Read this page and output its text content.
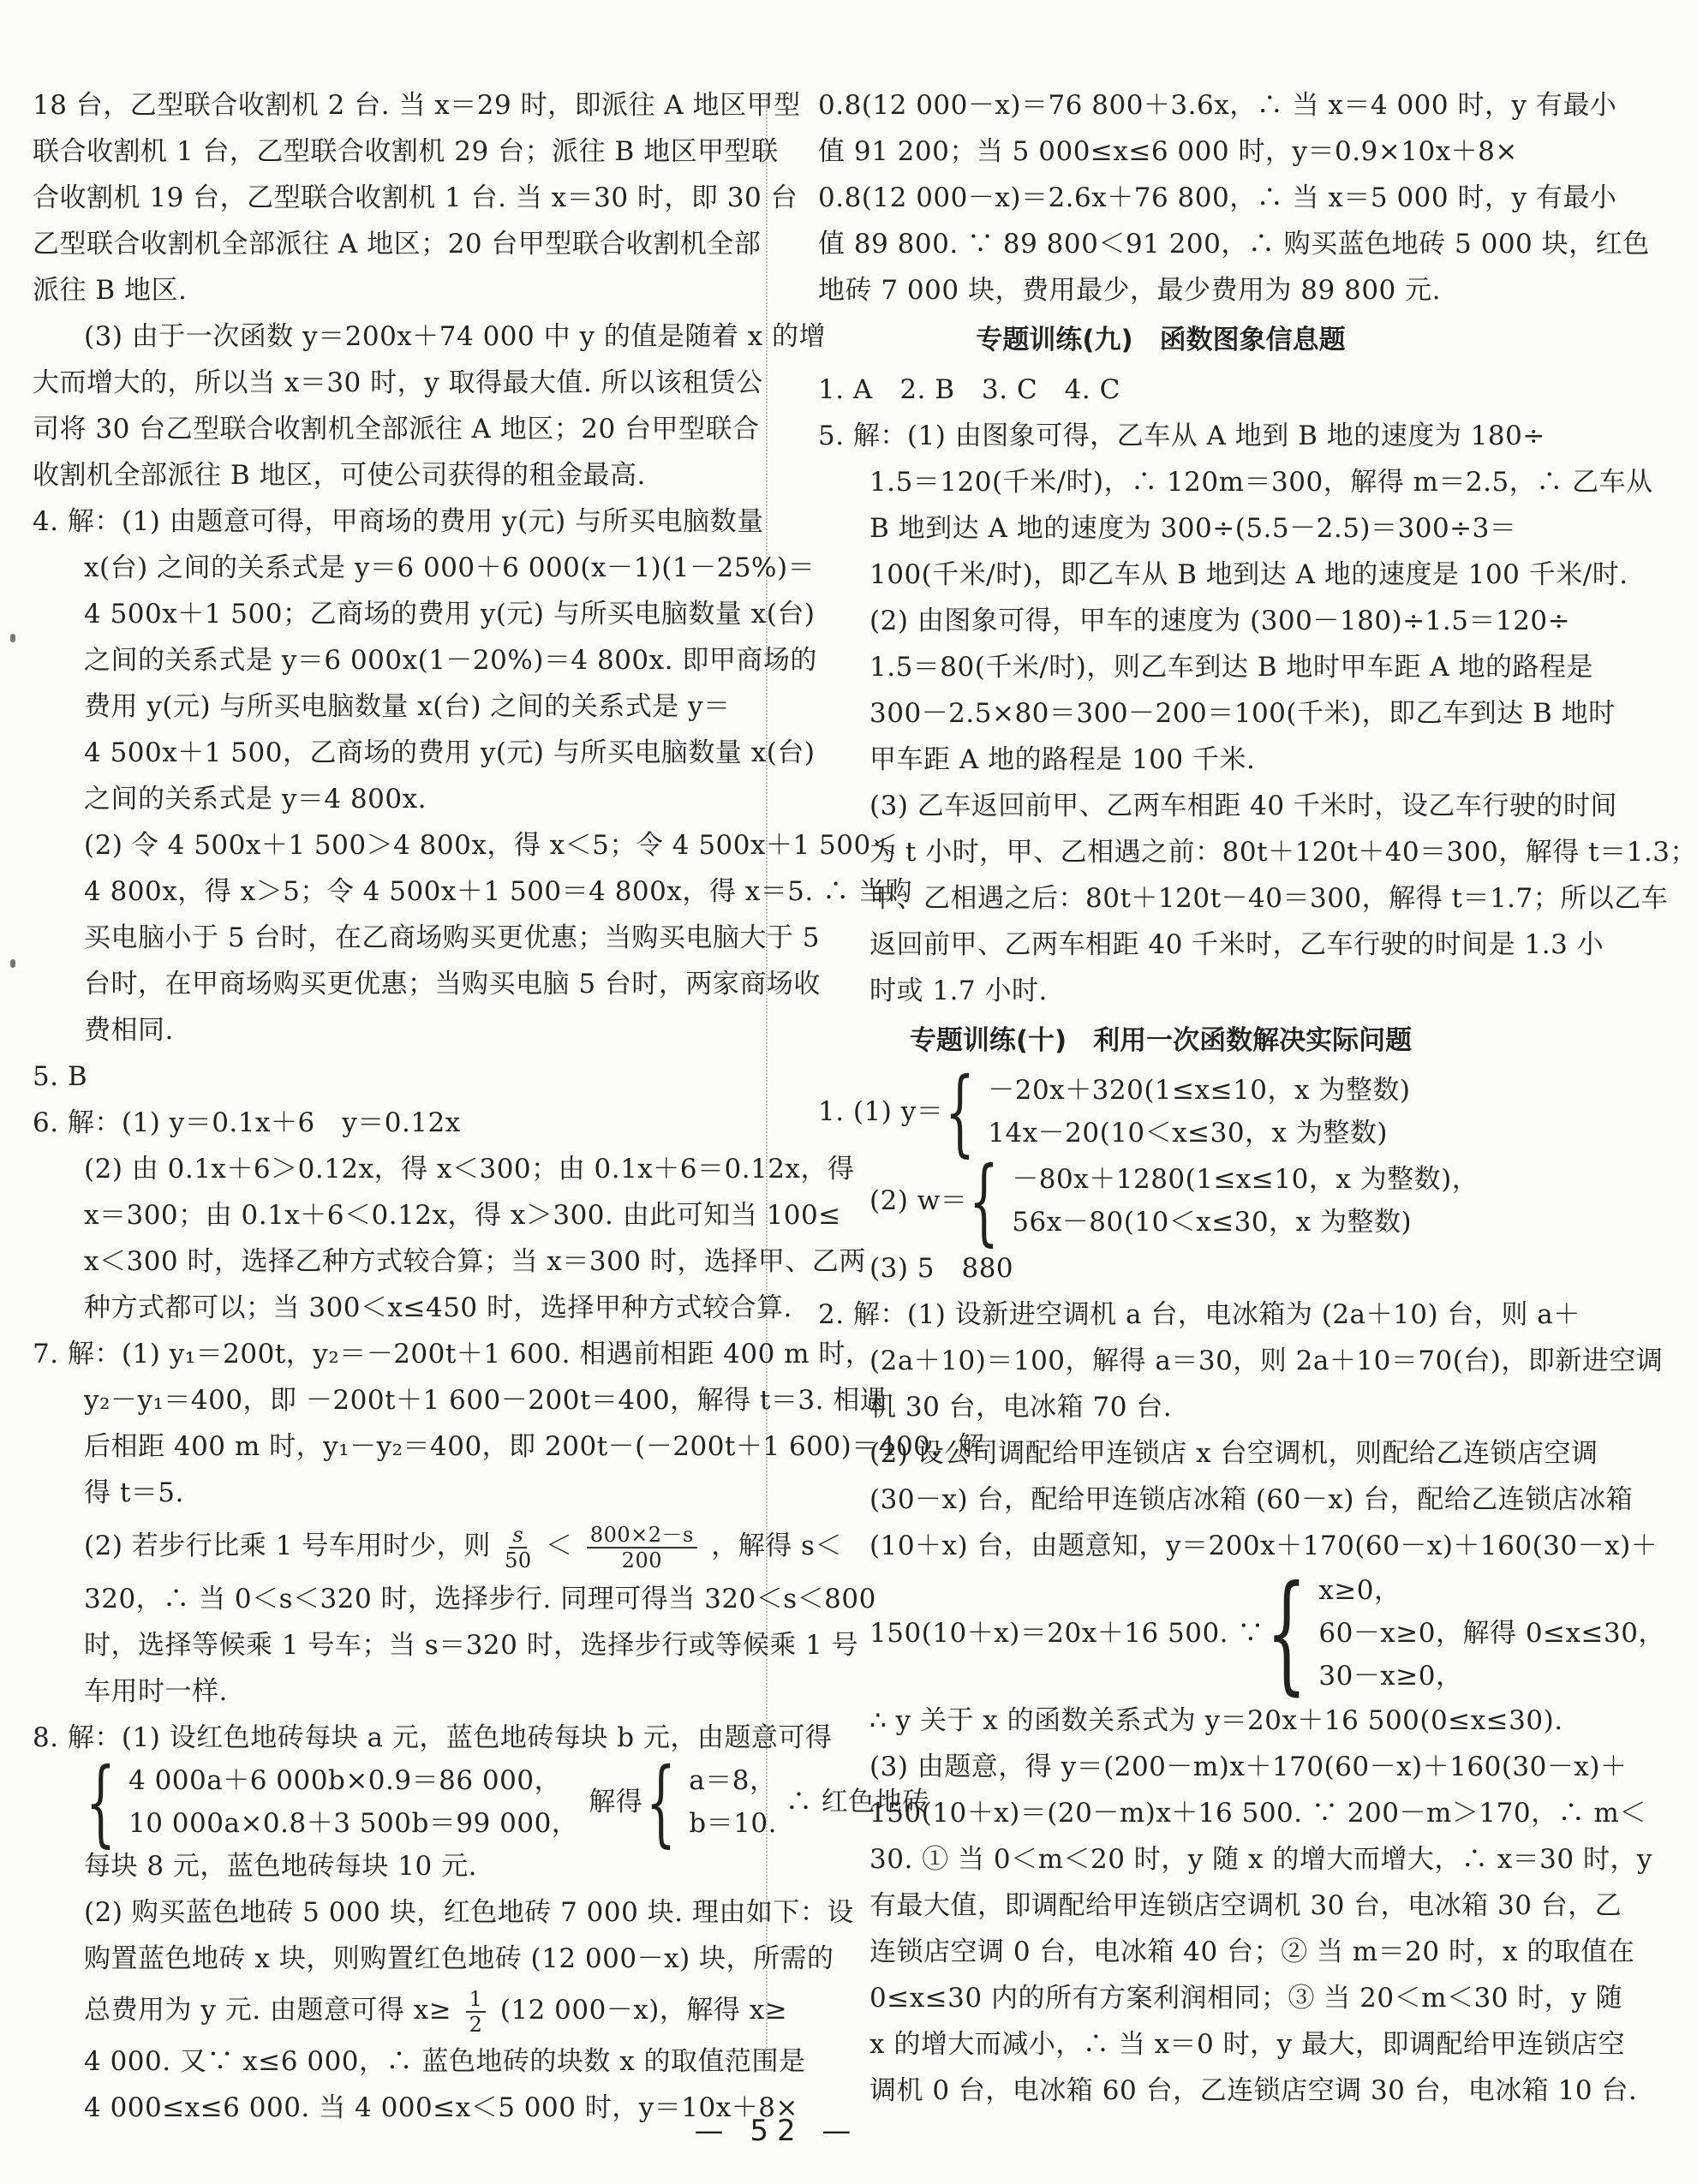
18 台，乙型联合收割机 2 台. 当 x＝29 时，即派往 A 地区甲型

联合收割机 1 台，乙型联合收割机 29 台；派往 B 地区甲型联

合收割机 19 台，乙型联合收割机 1 台. 当 x＝30 时，即 30 台

乙型联合收割机全部派往 A 地区；20 台甲型联合收割机全部

派往 B 地区.

(3) 由于一次函数 y＝200x＋74 000 中 y 的值是随着 x 的增

大而增大的，所以当 x＝30 时，y 取得最大值. 所以该租赁公

司将 30 台乙型联合收割机全部派往 A 地区；20 台甲型联合

收割机全部派往 B 地区，可使公司获得的租金最高.

4. 解：(1) 由题意可得，甲商场的费用 y(元) 与所买电脑数量

x(台) 之间的关系式是 y＝6 000＋6 000(x－1)(1－25%)＝

4 500x＋1 500；乙商场的费用 y(元) 与所买电脑数量 x(台)

之间的关系式是 y＝6 000x(1－20%)＝4 800x. 即甲商场的

费用 y(元) 与所买电脑数量 x(台) 之间的关系式是 y＝

4 500x＋1 500，乙商场的费用 y(元) 与所买电脑数量 x(台)

之间的关系式是 y＝4 800x.

(2) 令 4 500x＋1 500＞4 800x，得 x＜5；令 4 500x＋1 500＜

4 800x，得 x＞5；令 4 500x＋1 500＝4 800x，得 x＝5. ∴ 当购

买电脑小于 5 台时，在乙商场购买更优惠；当购买电脑大于 5

台时，在甲商场购买更优惠；当购买电脑 5 台时，两家商场收

费相同.

5. B

6. 解：(1) y＝0.1x＋6　y＝0.12x

(2) 由 0.1x＋6＞0.12x，得 x＜300；由 0.1x＋6＝0.12x，得

x＝300；由 0.1x＋6＜0.12x，得 x＞300. 由此可知当 100≤

x＜300 时，选择乙种方式较合算；当 x＝300 时，选择甲、乙两

种方式都可以；当 300＜x≤450 时，选择甲种方式较合算.

7. 解：(1) y₁＝200t，y₂＝－200t＋1 600. 相遇前相距 400 m 时，

y₂－y₁＝400，即 －200t＋1 600－200t＝400，解得 t＝3. 相遇

后相距 400 m 时，y₁－y₂＝400，即 200t－(－200t＋1 600)＝400，解

得 t＝5.

(2) 若步行比乘 1 号车用时少，则 $\frac{s}{50} < \frac{800\times 2-s}{200}$ ，解得 s＜

320，∴ 当 0＜s＜320 时，选择步行. 同理可得当 320＜s＜800

时，选择等候乘 1 号车；当 s＝320 时，选择步行或等候乘 1 号

车用时一样.

8. 解：(1) 设红色地砖每块 a 元，蓝色地砖每块 b 元，由题意可得

{ 4 000a＋6 000b×0.9＝86 000，

10 000a×0.8＋3 500b＝99 000，

解得 { a＝8，

b＝10.

∴ 红色地砖

每块 8 元，蓝色地砖每块 10 元.

(2) 购买蓝色地砖 5 000 块，红色地砖 7 000 块. 理由如下：设

购置蓝色地砖 x 块，则购置红色地砖 (12 000－x) 块，所需的

总费用为 y 元. 由题意可得 $x\ge \frac{1}{2} (12$ 000－x)，解得 x≥

4 000. 又∵ x≤6 000，∴ 蓝色地砖的块数 x 的取值范围是

4 000≤x≤6 000. 当 4 000≤x＜5 000 时，y＝10x＋8×

0.8(12 000－x)＝76 800＋3.6x，∴ 当 x＝4 000 时，y 有最小

值 91 200；当 5 000≤x≤6 000 时，y＝0.9×10x＋8×

0.8(12 000－x)＝2.6x＋76 800，∴ 当 x＝5 000 时，y 有最小

值 89 800. ∵ 89 800＜91 200，∴ 购买蓝色地砖 5 000 块，红色

地砖 7 000 块，费用最少，最少费用为 89 800 元.

专题训练(九)　函数图象信息题

1. A　2. B　3. C　4. C

5. 解：(1) 由图象可得，乙车从 A 地到 B 地的速度为 180÷

1.5＝120(千米/时)，∴ 120m＝300，解得 m＝2.5，∴ 乙车从

B 地到达 A 地的速度为 300÷(5.5－2.5)＝300÷3＝

100(千米/时)，即乙车从 B 地到达 A 地的速度是 100 千米/时.

(2) 由图象可得，甲车的速度为 (300－180)÷1.5＝120÷

1.5＝80(千米/时)，则乙车到达 B 地时甲车距 A 地的路程是

300－2.5×80＝300－200＝100(千米)，即乙车到达 B 地时

甲车距 A 地的路程是 100 千米.

(3) 乙车返回前甲、乙两车相距 40 千米时，设乙车行驶的时间

为 t 小时，甲、乙相遇之前：80t＋120t＋40＝300，解得 t＝1.3；

甲、乙相遇之后：80t＋120t－40＝300，解得 t＝1.7；所以乙车

返回前甲、乙两车相距 40 千米时，乙车行驶的时间是 1.3 小

时或 1.7 小时.

专题训练(十)　利用一次函数解决实际问题

1. (1) y＝ { －20x＋320(1≤x≤10，x 为整数)

14x－20(10＜x≤30，x 为整数)

(2) w＝ { －80x＋1280(1≤x≤10，x 为整数)，

56x－80(10＜x≤30，x 为整数)

(3) 5　880

2. 解：(1) 设新进空调机 a 台，电冰箱为 (2a＋10) 台，则 a＋

(2a＋10)＝100，解得 a＝30，则 2a＋10＝70(台)，即新进空调

机 30 台，电冰箱 70 台.

(2) 设公司调配给甲连锁店 x 台空调机，则配给乙连锁店空调

(30－x) 台，配给甲连锁店冰箱 (60－x) 台，配给乙连锁店冰箱

(10＋x) 台，由题意知，y＝200x＋170(60－x)＋160(30－x)＋

150(10＋x)＝20x＋16 500. ∵ { x≥0，

60－x≥0，解得 0≤x≤30，

30－x≥0，

∴ y 关于 x 的函数关系式为 y＝20x＋16 500(0≤x≤30).

(3) 由题意，得 y＝(200－m)x＋170(60－x)＋160(30－x)＋

150(10＋x)＝(20－m)x＋16 500. ∵ 200－m＞170，∴ m＜

30. ① 当 0＜m＜20 时，y 随 x 的增大而增大，∴ x＝30 时，y

有最大值，即调配给甲连锁店空调机 30 台，电冰箱 30 台，乙

连锁店空调 0 台，电冰箱 40 台；② 当 m＝20 时，x 的取值在

0≤x≤30 内的所有方案利润相同；③ 当 20＜m＜30 时，y 随

x 的增大而减小，∴ 当 x＝0 时，y 最大，即调配给甲连锁店空

调机 0 台，电冰箱 60 台，乙连锁店空调 30 台，电冰箱 10 台.

— 52 —
